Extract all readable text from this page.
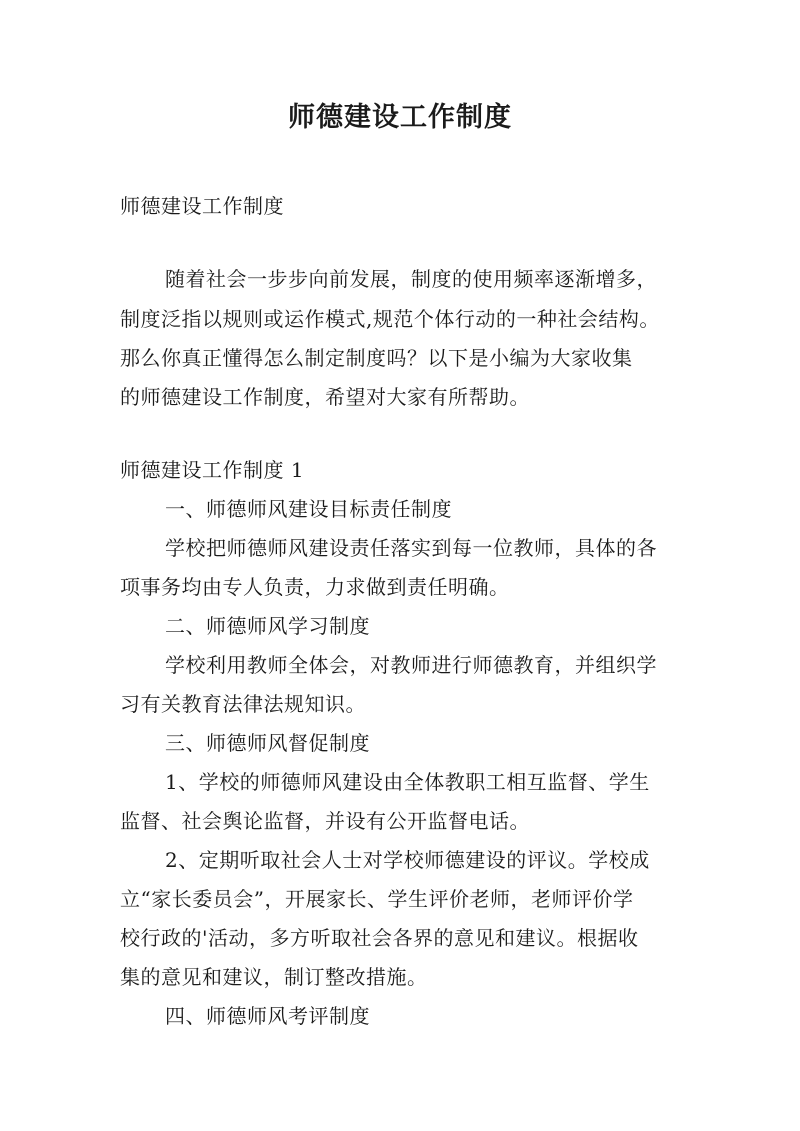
师德建设工作制度

师德建设工作制度

随着社会一步步向前发展，制度的使用频率逐渐增多，

制度泛指以规则或运作模式,规范个体行动的一种社会结构。

那么你真正懂得怎么制定制度吗？以下是小编为大家收集

的师德建设工作制度，希望对大家有所帮助。

师德建设工作制度 1

一、师德师风建设目标责任制度

学校把师德师风建设责任落实到每一位教师，具体的各

项事务均由专人负责，力求做到责任明确。

二、师德师风学习制度

学校利用教师全体会，对教师进行师德教育，并组织学

习有关教育法律法规知识。

三、师德师风督促制度

1、学校的师德师风建设由全体教职工相互监督、学生

监督、社会舆论监督，并设有公开监督电话。

2、定期听取社会人士对学校师德建设的评议。学校成

立“家长委员会”，开展家长、学生评价老师，老师评价学

校行政的'活动，多方听取社会各界的意见和建议。根据收

集的意见和建议，制订整改措施。

四、师德师风考评制度
